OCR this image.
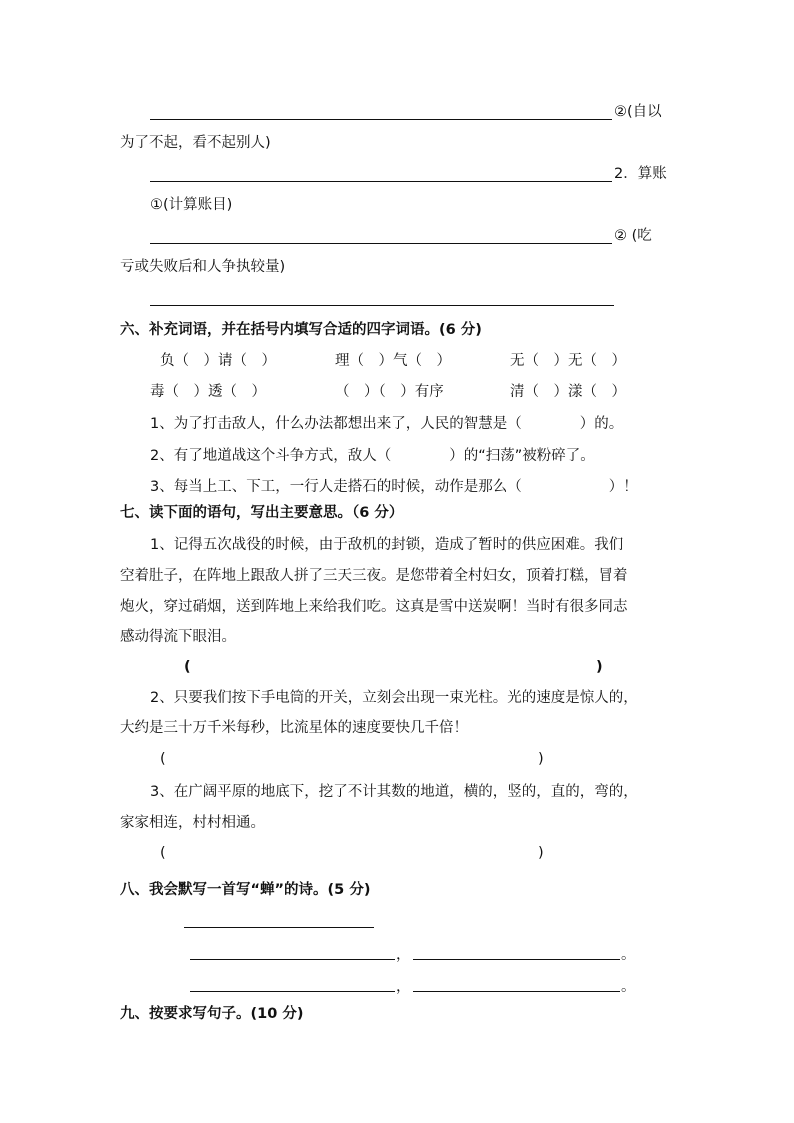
②(自以
为了不起，看不起别人)
2．算账
①(计算账目)
② (吃
亏或失败后和人争执较量)
六、补充词语，并在括号内填写合适的四字词语。(6 分)
负（　）请（　）	理（　）气（　）	无（　）无（　）
毒（　）透（　）	（　）（　）有序	清（　）漾（　）
1、为了打击敌人，什么办法都想出来了，人民的智慧是（　　　　）的。
2、有了地道战这个斗争方式，敌人（　　　　）的“扫荡”被粉碎了。
3、每当上工、下工，一行人走搭石的时候，动作是那么（　　　　　　）！
七、读下面的语句，写出主要意思。（6 分）
1、记得五次战役的时候，由于敌机的封锁，造成了暂时的供应困难。我们
空着肚子，在阵地上跟敌人拼了三天三夜。是您带着全村妇女，顶着打糕，冒着
炮火，穿过硝烟，送到阵地上来给我们吃。这真是雪中送炭啊！当时有很多同志
感动得流下眼泪。
(	)
2、只要我们按下手电筒的开关，立刻会出现一束光柱。光的速度是惊人的，
大约是三十万千米每秒，比流星体的速度要快几千倍！
(	)
3、在广阔平原的地底下，挖了不计其数的地道，横的，竖的，直的，弯的，
家家相连，村村相通。
(	)
八、我会默写一首写“蝉”的诗。(5 分)
，	。
，	。
九、按要求写句子。(10 分)
